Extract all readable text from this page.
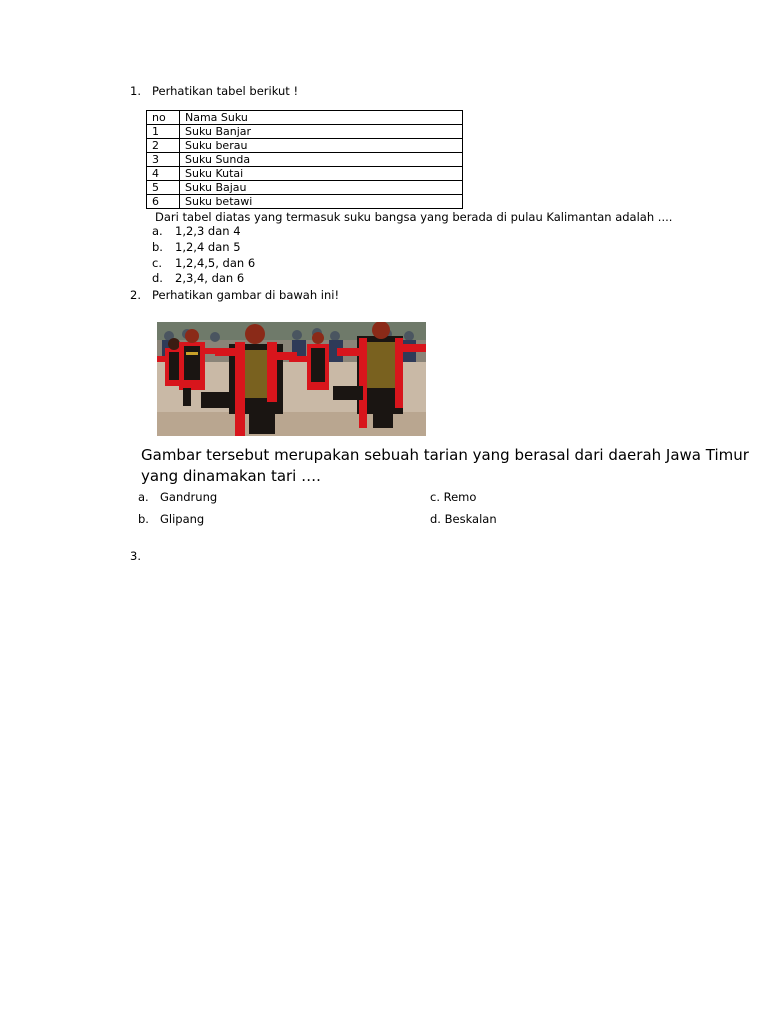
1. Perhatikan tabel berikut !
no	Nama Suku
1	Suku Banjar
2	Suku berau
3	Suku Sunda
4	Suku Kutai
5	Suku Bajau
6	Suku betawi
Dari tabel diatas yang termasuk suku bangsa yang berada di pulau Kalimantan adalah ....
a. 1,2,3 dan 4
b. 1,2,4 dan 5
c. 1,2,4,5, dan 6
d. 2,3,4, dan 6
2. Perhatikan gambar di bawah ini!
Gambar tersebut merupakan sebuah tarian yang berasal dari daerah Jawa Timur
yang dinamakan tari ….
a. Gandrung
b. Glipang
c. Remo
d. Beskalan
3.
